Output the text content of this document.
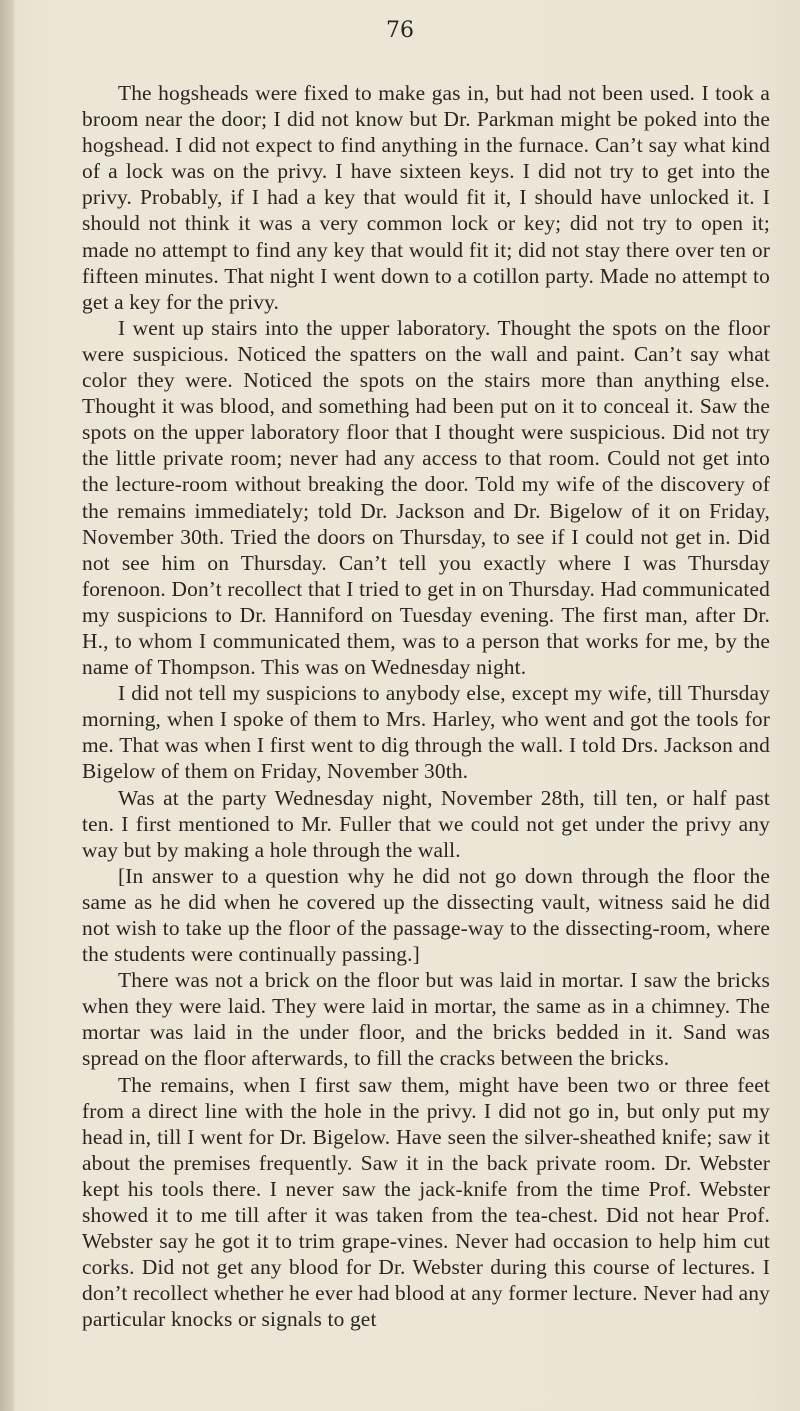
76

The hogsheads were fixed to make gas in, but had not been used. I took a broom near the door; I did not know but Dr. Parkman might be poked into the hogshead. I did not expect to find anything in the furnace. Can’t say what kind of a lock was on the privy. I have sixteen keys. I did not try to get into the privy. Probably, if I had a key that would fit it, I should have unlocked it. I should not think it was a very common lock or key; did not try to open it; made no attempt to find any key that would fit it; did not stay there over ten or fifteen minutes. That night I went down to a cotillon party. Made no attempt to get a key for the privy.

I went up stairs into the upper laboratory. Thought the spots on the floor were suspicious. Noticed the spatters on the wall and paint. Can’t say what color they were. Noticed the spots on the stairs more than anything else. Thought it was blood, and something had been put on it to conceal it. Saw the spots on the upper laboratory floor that I thought were suspicious. Did not try the little private room; never had any access to that room. Could not get into the lecture-room without breaking the door. Told my wife of the discovery of the remains immediately; told Dr. Jackson and Dr. Bigelow of it on Friday, November 30th. Tried the doors on Thursday, to see if I could not get in. Did not see him on Thursday. Can’t tell you exactly where I was Thursday forenoon. Don’t recollect that I tried to get in on Thursday. Had communicated my suspicions to Dr. Hanniford on Tuesday evening. The first man, after Dr. H., to whom I communicated them, was to a person that works for me, by the name of Thompson. This was on Wednesday night.

I did not tell my suspicions to anybody else, except my wife, till Thursday morning, when I spoke of them to Mrs. Harley, who went and got the tools for me. That was when I first went to dig through the wall. I told Drs. Jackson and Bigelow of them on Friday, November 30th.

Was at the party Wednesday night, November 28th, till ten, or half past ten. I first mentioned to Mr. Fuller that we could not get under the privy any way but by making a hole through the wall.

[In answer to a question why he did not go down through the floor the same as he did when he covered up the dissecting vault, witness said he did not wish to take up the floor of the passage-way to the dissecting-room, where the students were continually passing.]

There was not a brick on the floor but was laid in mortar. I saw the bricks when they were laid. They were laid in mortar, the same as in a chimney. The mortar was laid in the under floor, and the bricks bedded in it. Sand was spread on the floor afterwards, to fill the cracks between the bricks.

The remains, when I first saw them, might have been two or three feet from a direct line with the hole in the privy. I did not go in, but only put my head in, till I went for Dr. Bigelow. Have seen the silver-sheathed knife; saw it about the premises frequently. Saw it in the back private room. Dr. Webster kept his tools there. I never saw the jack-knife from the time Prof. Webster showed it to me till after it was taken from the tea-chest. Did not hear Prof. Webster say he got it to trim grape-vines. Never had occasion to help him cut corks. Did not get any blood for Dr. Webster during this course of lectures. I don’t recollect whether he ever had blood at any former lecture. Never had any particular knocks or signals to get
